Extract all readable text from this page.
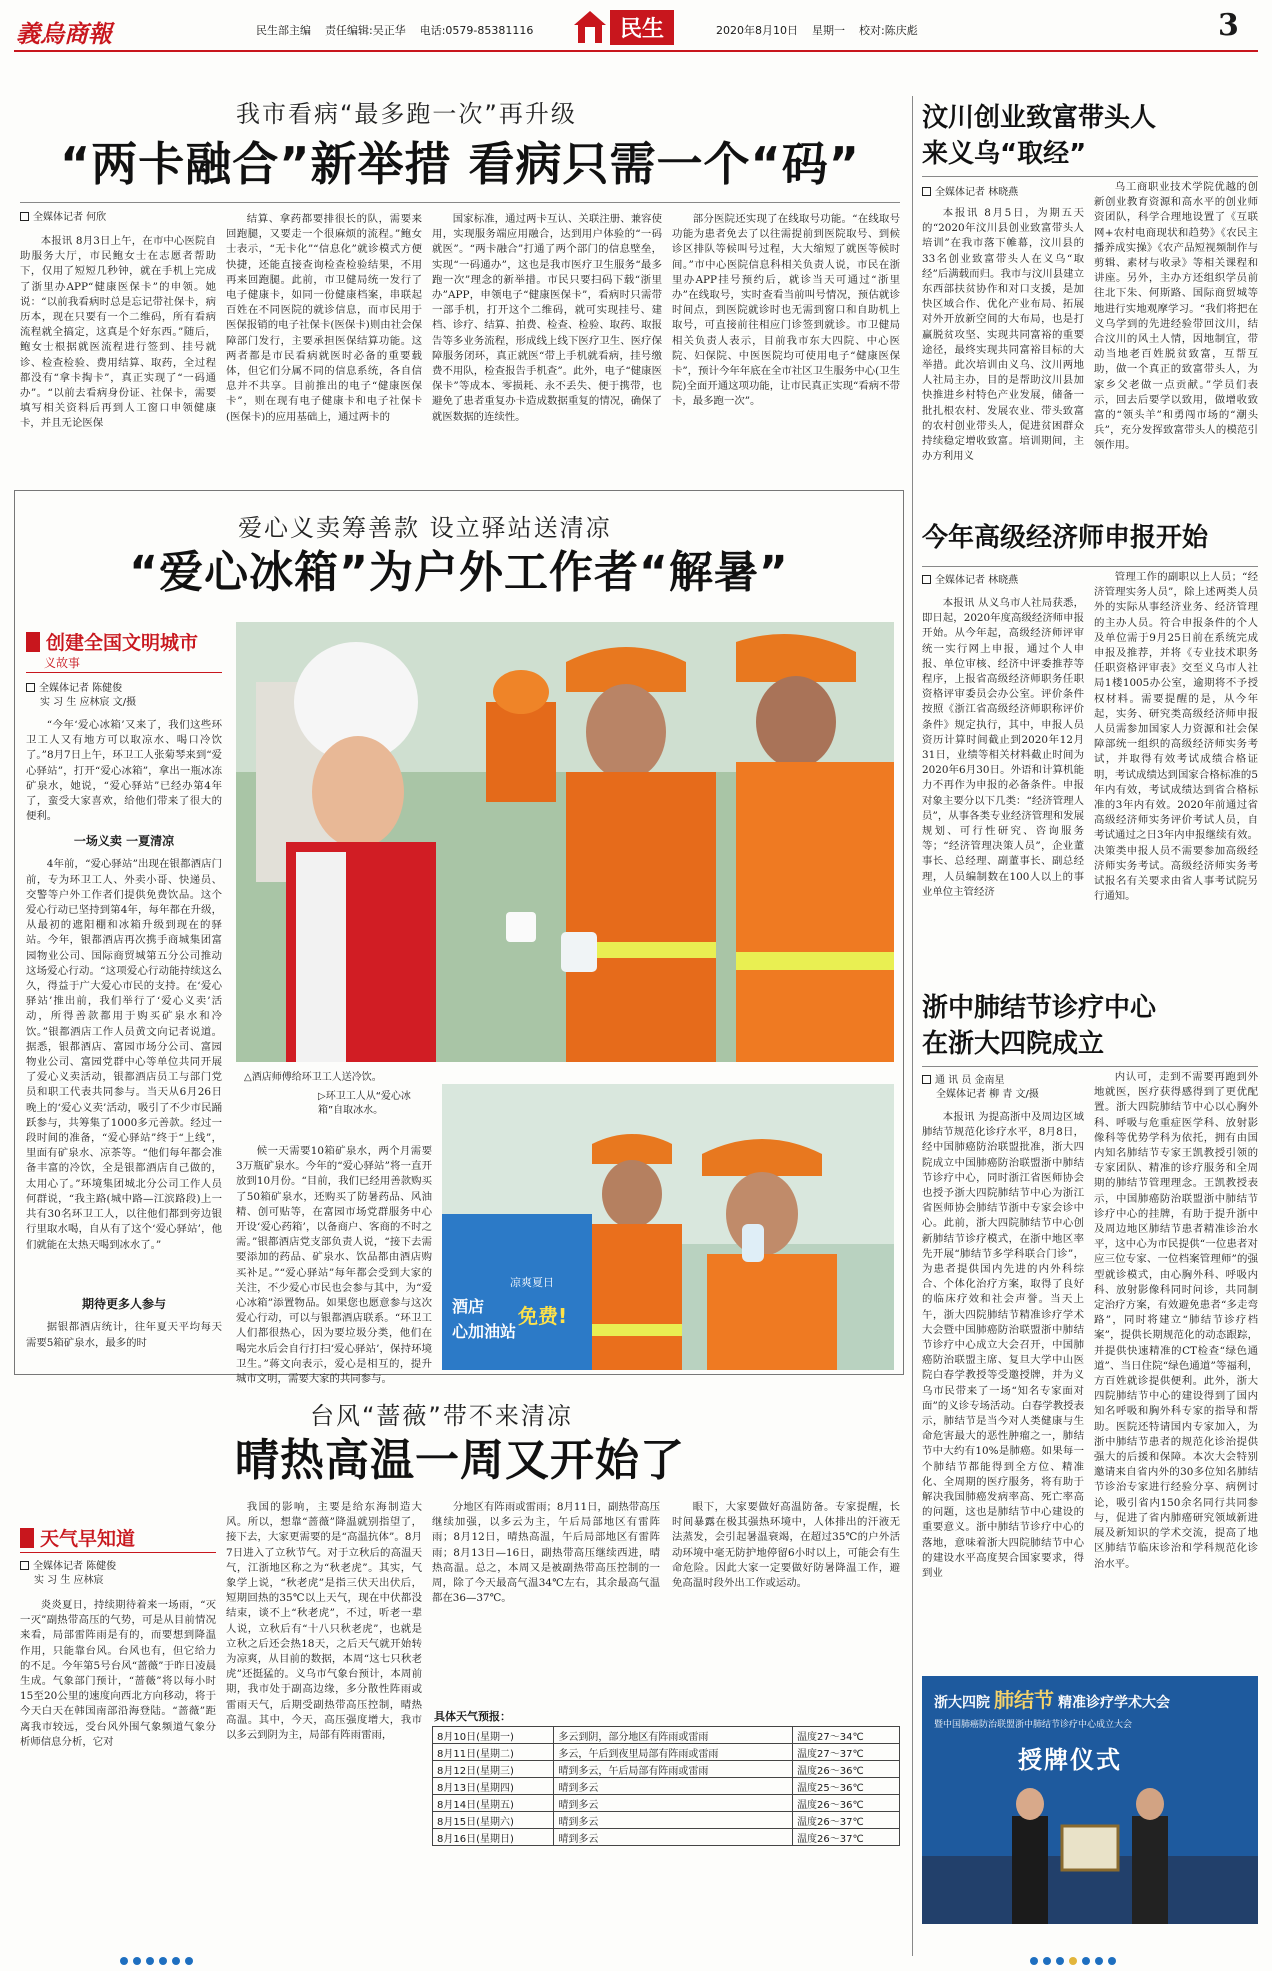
義烏商報	民生部主编 责任编辑:吴正华 电话:0579-85381116	民生	2020年8月10日 星期一 校对:陈庆彪	3
我市看病“最多跑一次”再升级
“两卡融合”新举措 看病只需一个“码”
全媒体记者 何欣
本报讯 8月3日上午，在市中心医院自助服务大厅，市民鲍女士在志愿者帮助下，仅用了短短几秒钟，就在手机上完成了浙里办APP“健康医保卡”的申领。她说：“以前我看病时总是忘记带社保卡，病历本，现在只要有一个二维码，所有看病流程就全搞定，这真是个好东西。”随后，鲍女士根据就医流程进行签到、挂号就诊、检查检验、费用结算、取药，全过程都没有“拿卡掏卡”，真正实现了“一码通办”。“以前去看病身份证、社保卡，需要填写相关资料后再到人工窗口申领健康卡，并且无论医保
结算、拿药都要排很长的队，需要来回跑腿，又要走一个很麻烦的流程。”鲍女士表示，“无卡化”“信息化”就诊模式方便快捷，还能直接查询检查检验结果，不用再来回跑腿。此前，市卫健局统一发行了电子健康卡，如同一份健康档案，串联起百姓在不同医院的就诊信息，而市民用于医保报销的电子社保卡(医保卡)则由社会保障部门发行，主要承担医保结算功能。这两者都是市民看病就医时必备的重要载体，但它们分属不同的信息系统，各自信息并不共享。目前推出的电子“健康医保卡”，则在现有电子健康卡和电子社保卡(医保卡)的应用基础上，通过两卡的
国家标准，通过两卡互认、关联注册、兼容使用，实现服务端应用融合，达到用户体验的“一码就医”。“两卡融合”打通了两个部门的信息壁垒，实现“一码通办”，这也是我市医疗卫生服务“最多跑一次”理念的新举措。市民只要扫码下载“浙里办”APP，申领电子“健康医保卡”，看病时只需带一部手机，打开这个二维码，就可实现挂号、建档、诊疗、结算、拍费、检查、检验、取药、取报告等多业务流程，形成线上线下医疗卫生、医疗保障服务闭环，真正就医“带上手机就看病，挂号缴费不用队，检查报告手机查”。此外，电子“健康医保卡”等成本、零损耗、永不丢失、便于携带，也避免了患者重复办卡造成数据重复的情况，确保了就医数据的连续性。
部分医院还实现了在线取号功能。“在线取号功能为患者免去了以往需提前到医院取号、到候诊区排队等候叫号过程，大大缩短了就医等候时间。”市中心医院信息科相关负责人说，市民在浙里办APP挂号预约后，就诊当天可通过“浙里办”在线取号，实时查看当前叫号情况，预估就诊时间点，到医院就诊时也无需到窗口和自助机上取号，可直接前往相应门诊签到就诊。市卫健局相关负责人表示，目前我市东大四院、中心医院、妇保院、中医医院均可使用电子“健康医保卡”，预计今年年底在全市社区卫生服务中心(卫生院)全面开通这项功能，让市民真正实现“看病不带卡，最多跑一次”。
汶川创业致富带头人
来义乌“取经”
全媒体记者 林晓燕
本报讯 8月5日，为期五天的“2020年汶川县创业致富带头人培训”在我市落下帷幕，汶川县的33名创业致富带头人在义乌“取经”后满载而归。我市与汶川县建立东西部扶贫协作和对口支援，是加快区域合作、优化产业布局、拓展对外开放新空间的大布局，也是打赢脱贫攻坚、实现共同富裕的重要途径，最终实现共同富裕目标的大举措。此次培训由义乌、汶川两地人社局主办，目的是帮助汶川县加快推进乡村特色产业发展，储备一批扎根农村、发展农业、带头致富的农村创业带头人，促进贫困群众持续稳定增收致富。培训期间，主办方利用义
乌工商职业技术学院优越的创新创业教育资源和高水平的创业师资团队，科学合理地设置了《互联网+农村电商现状和趋势》《农民主播养成实操》《农产品短视频制作与剪辑、素材与收录》等相关课程和讲座。另外，主办方还组织学员前往北下朱、何斯路、国际商贸城等地进行实地观摩学习。“我们将把在义乌学到的先进经验带回汶川，结合汶川的风土人情，因地制宜，带动当地老百姓脱贫致富，互帮互助，做一个真正的致富带头人，为家乡父老做一点贡献。”学员们表示，回去后要学以致用，做增收致富的“领头羊”和勇闯市场的“潮头兵”，充分发挥致富带头人的模范引领作用。
爱心义卖筹善款 设立驿站送清凉
“爱心冰箱”为户外工作者“解暑”
创建全国文明城市
义故事
全媒体记者 陈健俊
实 习 生 应林宸 文/摄
“今年‘爱心冰箱’又来了，我们这些环卫工人又有地方可以取凉水、喝口冷饮了。”8月7日上午，环卫工人张菊琴来到“爱心驿站”，打开“爱心冰箱”，拿出一瓶冰冻矿泉水，她说，“爱心驿站”已经办第4年了，蛮受大家喜欢，给他们带来了很大的便利。
一场义卖 一夏清凉
4年前，“爱心驿站”出现在银都酒店门前，专为环卫工人、外卖小哥、快递员、交警等户外工作者们提供免费饮品。这个爱心行动已坚持到第4年，每年都在升级，从最初的遮阳棚和冰箱升级到现在的驿站。今年，银都酒店再次携手商城集团富园物业公司、国际商贸城第五分公司推动这场爱心行动。“这项爱心行动能持续这么久，得益于广大爱心市民的支持。在‘爱心驿站’推出前，我们举行了‘爱心义卖’活动，所得善款都用于购买矿泉水和冷饮。”银都酒店工作人员黄文向记者说道。据悉，银都酒店、富园市场分公司、富园物业公司、富园党群中心等单位共同开展了爱心义卖活动，银都酒店员工与部门党员和职工代表共同参与。当天从6月26日晚上的‘爱心义卖’活动，吸引了不少市民踊跃参与，共筹集了1000多元善款。经过一段时间的准备，“爱心驿站”终于“上线”，里面有矿泉水、凉茶等。“他们每年都会准备丰富的冷饮，全是银都酒店自己做的，太用心了。”环境集团城北分公司工作人员何群说，“我主路(城中路—江滨路段)上一共有30名环卫工人，以往他们都到旁边银行里取水喝，自从有了这个‘爱心驿站’，他们就能在太热天喝到冰水了。”
期待更多人参与
据银都酒店统计，往年夏天平均每天需要5箱矿泉水，最多的时
△酒店师傅给环卫工人送冷饮。
候一天需要10箱矿泉水，两个月需要3万瓶矿泉水。今年的“爱心驿站”将一直开放到10月份。“目前，我们已经用善款购买了50箱矿泉水，还购买了防暑药品、风油精、创可贴等，在富园市场党群服务中心开设‘爱心药箱’，以备商户、客商的不时之需。”银都酒店党支部负责人说，“接下去需要添加的药品、矿泉水、饮品都由酒店购买补足。”“爱心驿站”每年都会受到大家的关注，不少爱心市民也会参与其中，为“爱心冰箱”添置物品。如果您也愿意参与这次爱心行动，可以与银都酒店联系。“环卫工人们都很热心，因为要垃圾分类，他们在喝完水后会自行打扫‘爱心驿站’，保持环境卫生。”蒋文向表示，爱心是相互的，提升城市文明，需要大家的共同参与。
▷环卫工人从“爱心冰箱”自取冰水。
凉爽夏日
酒店
心加油站
免费!
今年高级经济师申报开始
全媒体记者 林晓燕
本报讯 从义乌市人社局获悉，即日起，2020年度高级经济师申报开始。从今年起，高级经济师评审统一实行网上申报，通过个人申报、单位审核、经济中评委推荐等程序，上报省高级经济师职务任职资格评审委员会办公室。评价条件按照《浙江省高级经济师职称评价条件》规定执行，其中，申报人员资历计算时间截止到2020年12月31日，业绩等相关材料截止时间为2020年6月30日。外语和计算机能力不再作为申报的必备条件。申报对象主要分以下几类：“经济管理人员”，从事各类专业经济管理和发展规划、可行性研究、咨询服务等；“经济管理决策人员”，企业董事长、总经理、副董事长、副总经理，人员编制数在100人以上的事业单位主管经济
管理工作的副职以上人员；“经济管理实务人员”，除上述两类人员外的实际从事经济业务、经济管理的主办人员。符合申报条件的个人及单位需于9月25日前在系统完成申报及推荐，并将《专业技术职务任职资格评审表》交至义乌市人社局1楼1005办公室，逾期将不予授权材料。需要提醒的是，从今年起，实务、研究类高级经济师申报人员需参加国家人力资源和社会保障部统一组织的高级经济师实务考试，并取得有效考试成绩合格证明，考试成绩达到国家合格标准的5年内有效，考试成绩达到省合格标准的3年内有效。2020年前通过省高级经济师实务评价考试人员，自考试通过之日3年内申报继续有效。决策类申报人员不需要参加高级经济师实务考试。高级经济师实务考试报名有关要求由省人事考试院另行通知。
浙中肺结节诊疗中心
在浙大四院成立
通 讯 员 金南星
全媒体记者 柳 青 文/摄
本报讯 为提高浙中及周边区域肺结节规范化诊疗水平，8月8日，经中国肺癌防治联盟批准，浙大四院成立中国肺癌防治联盟浙中肺结节诊疗中心，同时浙江省医师协会也授予浙大四院肺结节中心为浙江省医师协会肺结节浙中专家会诊中心。此前，浙大四院肺结节中心创新肺结节诊疗模式，在浙中地区率先开展“肺结节多学科联合门诊”，为患者提供国内先进的内外科综合、个体化治疗方案，取得了良好的临床疗效和社会声誉。当天上午，浙大四院肺结节精准诊疗学术大会暨中国肺癌防治联盟浙中肺结节诊疗中心成立大会召开，中国肺癌防治联盟主席、复旦大学中山医院白春学教授等受邀授牌，并为义乌市民带来了一场“知名专家面对面”的义诊专场活动。白春学教授表示，肺结节是当今对人类健康与生命危害最大的恶性肿瘤之一，肺结节中大约有10%是肺癌。如果每一个肺结节都能得到全方位、精准化、全周期的医疗服务，将有助于解决我国肺癌发病率高、死亡率高的问题，这也是肺结节中心建设的重要意义。浙中肺结节诊疗中心的落地，意味着浙大四院肺结节中心的建设水平高度契合国家要求，得到业
内认可，走到不需要再跑到外地就医，医疗获得感得到了更优配置。浙大四院肺结节中心以心胸外科、呼吸与危重症医学科、放射影像科等优势学科为依托，拥有由国内知名肺结节专家王凯教授引领的专家团队、精准的诊疗服务和全周期的肺结节管理理念。王凯教授表示，中国肺癌防治联盟浙中肺结节诊疗中心的挂牌，有助于提升浙中及周边地区肺结节患者精准诊治水平，这中心为市民提供“一位患者对应三位专家、一位档案管理师”的强型就诊模式，由心胸外科、呼吸内科、放射影像科同时问诊，共同制定治疗方案，有效避免患者“多走弯路”，同时将建立“肺结节诊疗档案”，提供长期规范化的动态跟踪，并提供快速精准的CT检查“绿色通道”、当日住院“绿色通道”等福利，方百姓就诊提供便利。此外，浙大四院肺结节中心的建设得到了国内知名呼吸和胸外科专家的指导和帮助。医院还特请国内专家加入，为浙中肺结节患者的规范化诊治提供强大的后援和保障。本次大会特别邀请来自省内外的30多位知名肺结节诊治专家进行经验分享、病例讨论，吸引省内150余名同行共同参与，促进了省内肺癌研究领域新进展及新知识的学术交流，提高了地区肺结节临床诊治和学科规范化诊治水平。
浙大四院 肺结节 精准诊疗学术大会
暨中国肺癌防治联盟浙中肺结节诊疗中心成立大会
授牌仪式
台风“蔷薇”带不来清凉
晴热高温一周又开始了
天气早知道
全媒体记者 陈健俊
实 习 生 应林宸
炎炎夏日，持续期待着来一场雨，“灭一灭”副热带高压的气势，可是从目前情况来看，局部雷阵雨是有的，而要想到降温作用，只能靠台风。台风也有，但它给力的不足。今年第5号台风“蔷薇”于昨日凌晨生成。气象部门预计，“蔷薇”将以每小时15至20公里的速度向西北方向移动，将于今天白天在韩国南部沿海登陆。“蔷薇”距离我市较远，受台风外围气象频道气象分析师信息分析，它对
我国的影响，主要是给东海制造大风。所以，想靠“蔷薇”降温就别指望了，接下去，大家更需要的是“高温抗体”。8月7日进入了立秋节气。对于立秋后的高温天气，江浙地区称之为“秋老虎”。其实，气象学上说，“秋老虎”是指三伏天出伏后，短期回热的35℃以上天气，现在中伏都没结束，谈不上“秋老虎”，不过，听老一辈人说，立秋后有“十八只秋老虎”，也就是立秋之后还会热18天，之后天气就开始转为凉爽，从目前的数据，本周“这七只秋老虎”还挺猛的。义乌市气象台预计，本周前期，我市处于副高边缘，多分散性阵雨或雷雨天气，后期受副热带高压控制，晴热高温。其中，今天，高压强度增大，我市以多云到阴为主，局部有阵雨雷雨，
分地区有阵雨或雷雨；8月11日，副热带高压继续加强，以多云为主，午后局部地区有雷阵雨；8月12日，晴热高温，午后局部地区有雷阵雨；8月13日—16日，副热带高压继续西进，晴热高温。总之，本周又是被副热带高压控制的一周，除了今天最高气温34℃左右，其余最高气温都在36—37℃。
眼下，大家要做好高温防备。专家提醒，长时间暴露在极其强热环境中，人体排出的汗液无法蒸发，会引起暑温衰竭，在超过35℃的户外活动环境中毫无防护地停留6小时以上，可能会有生命危险。因此大家一定要做好防暑降温工作，避免高温时段外出工作或运动。
具体天气预报：
8月10日(星期一)	多云到阴，部分地区有阵雨或雷雨	温度27～34℃
8月11日(星期二)	多云，午后到夜里局部有阵雨或雷雨	温度27～37℃
8月12日(星期三)	晴到多云，午后局部有阵雨或雷雨	温度26～36℃
8月13日(星期四)	晴到多云	温度25～36℃
8月14日(星期五)	晴到多云	温度26～36℃
8月15日(星期六)	晴到多云	温度26～37℃
8月16日(星期日)	晴到多云	温度26～37℃
